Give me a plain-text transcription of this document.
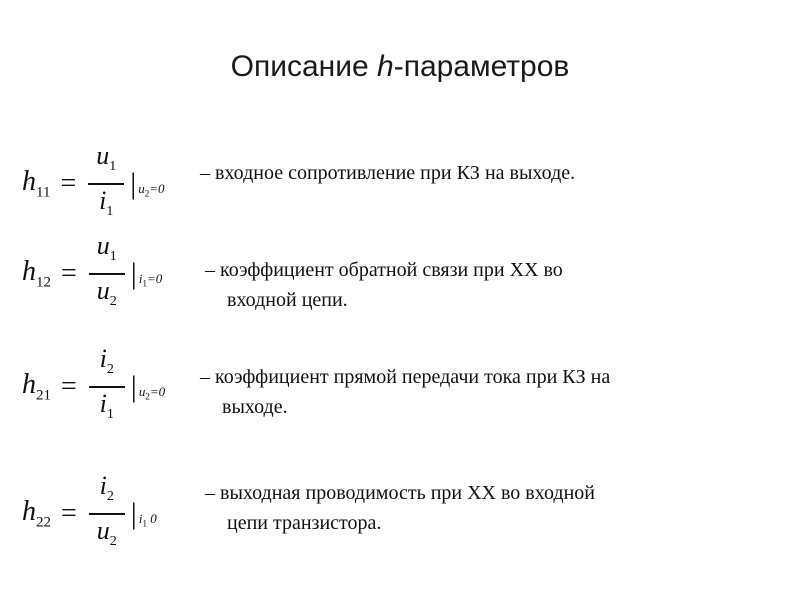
Описание h-параметров
$h_{11} = \frac{u_1}{i_1}$ | $u_2=0$
– входное сопротивление при КЗ на выходе.
$h_{12} = \frac{u_1}{u_2}$ | $i_1=0$ – коэффициент обратной связи при ХХ во
входной цепи.
$h_{21} = \frac{i_2}{i_1}$ | $u_2=0$
– коэффициент прямой передачи тока при КЗ на
выходе.
$h_{22} = \frac{i_2}{u_2}$ | $i_1$ 0
– выходная проводимость при ХХ во входной
цепи транзистора.
